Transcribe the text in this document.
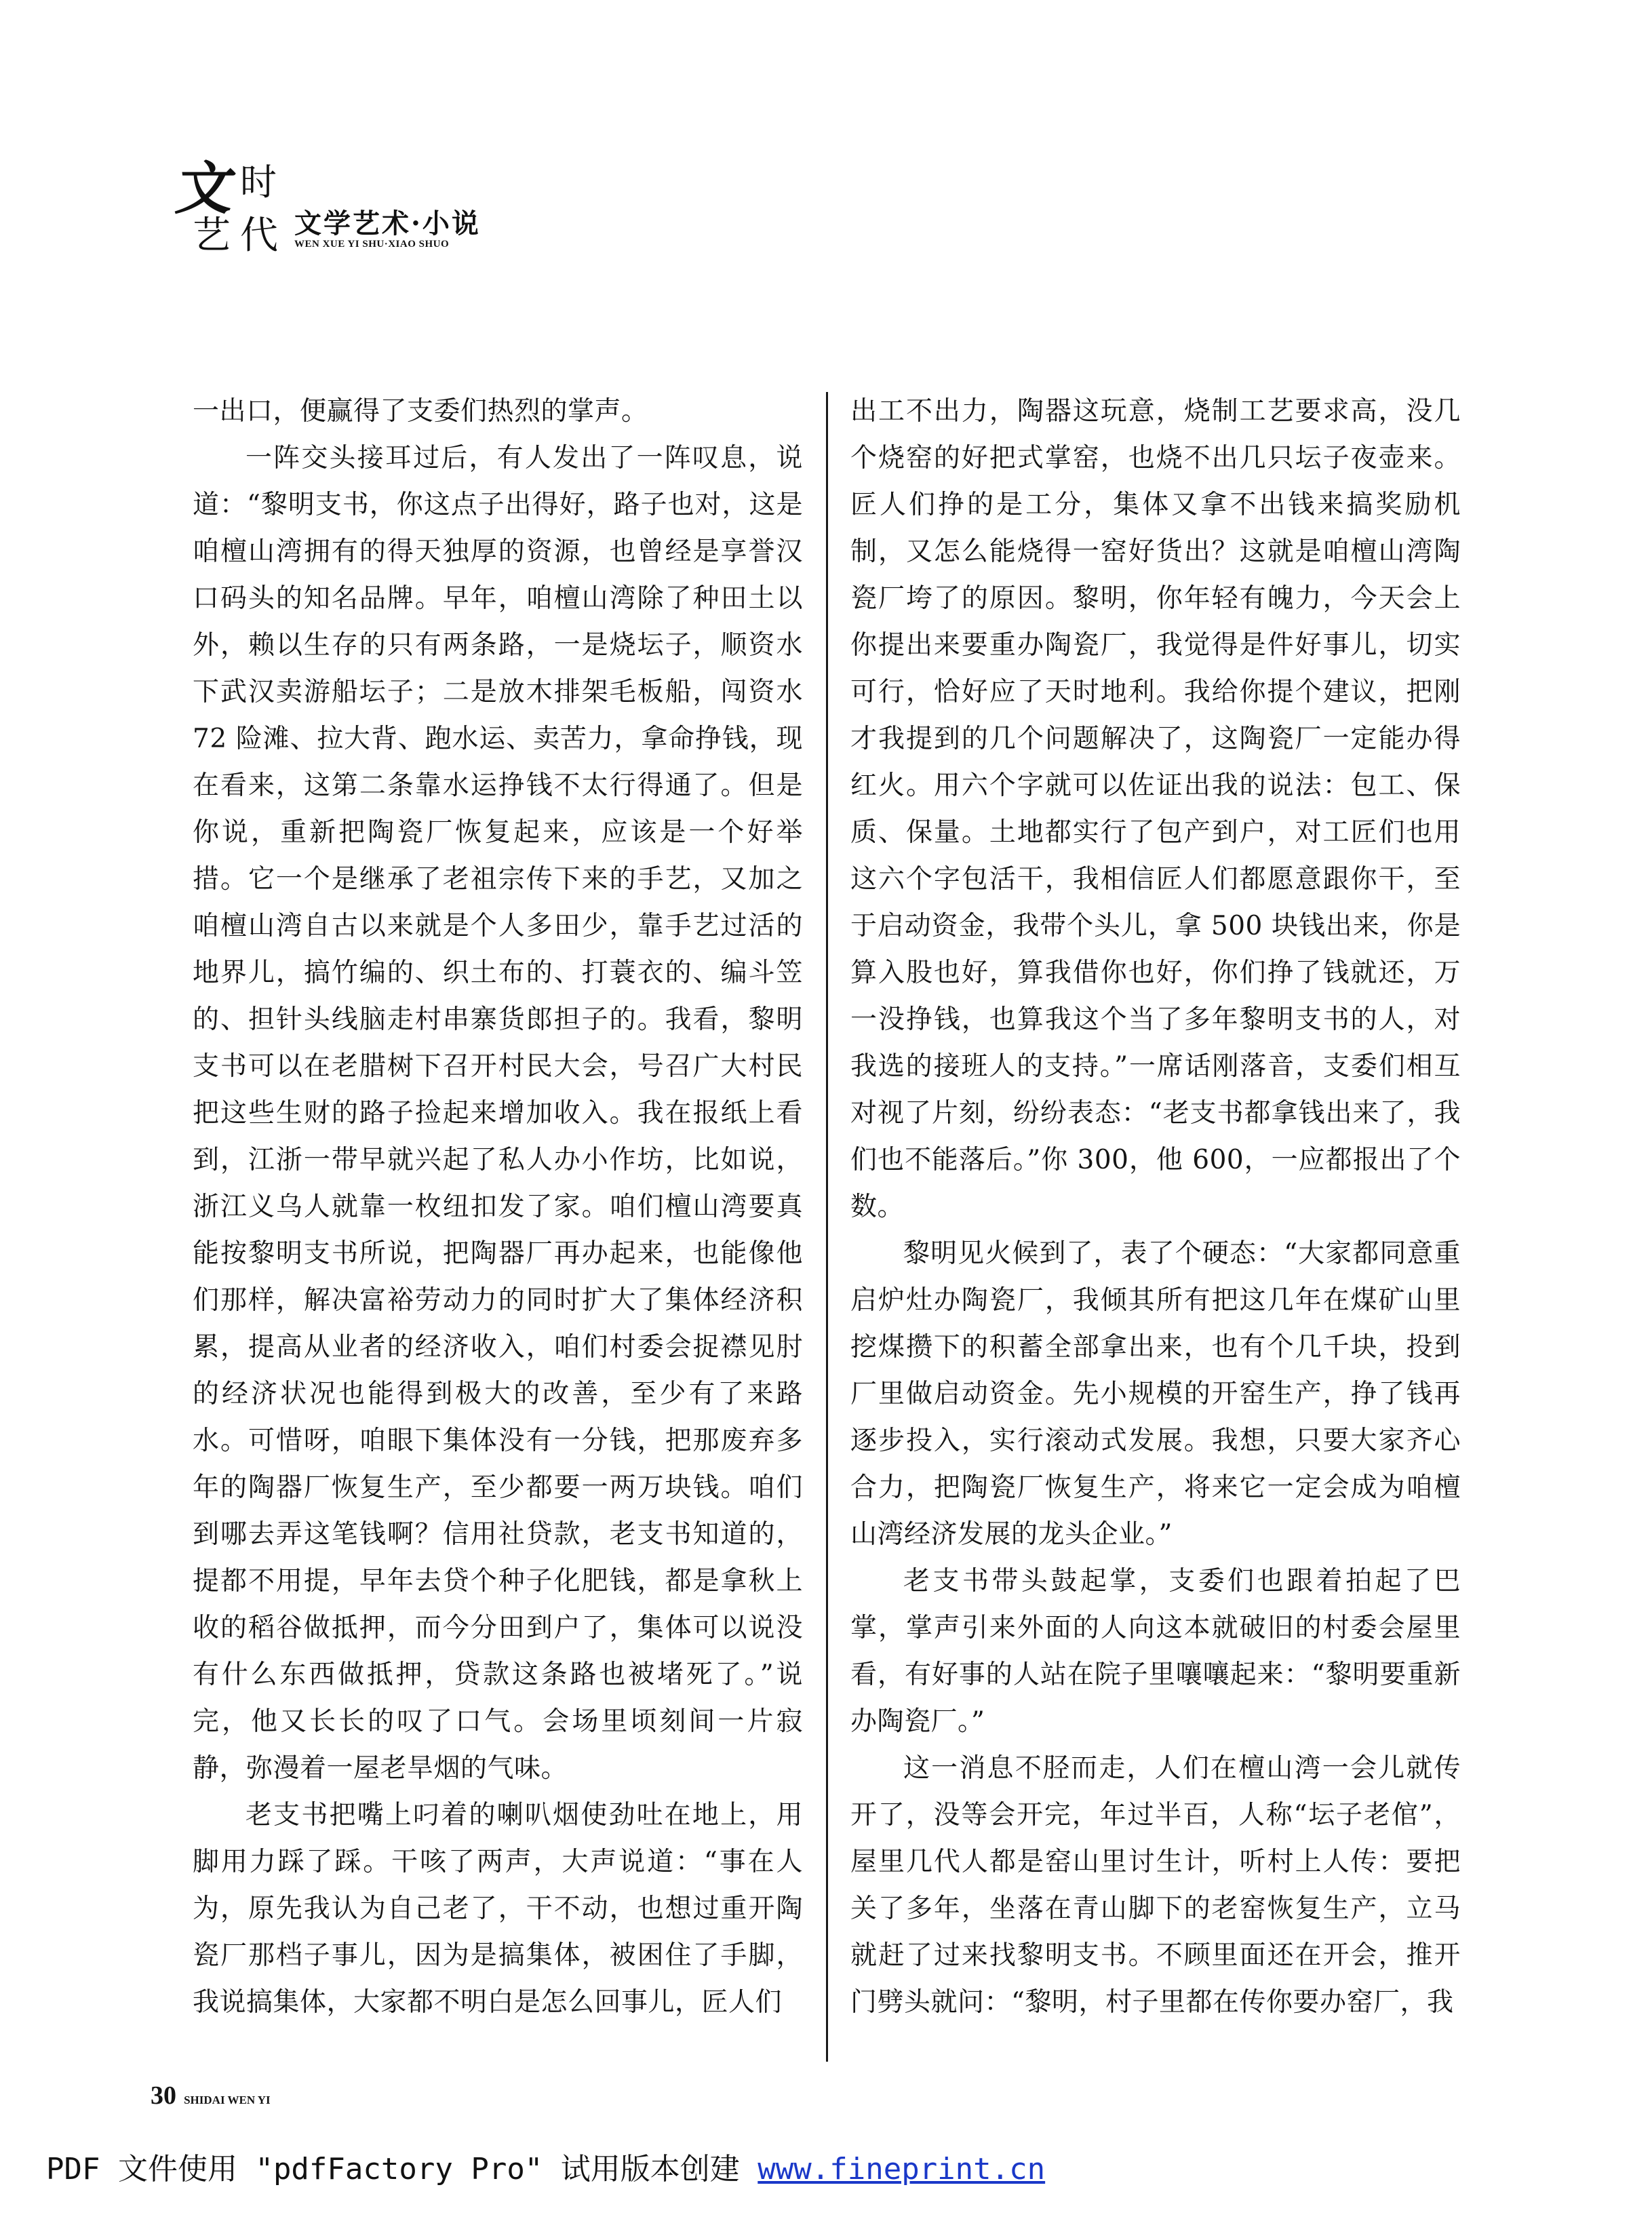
文 时
艺 代 文学艺术·小说
WEN XUE YI SHU·XIAO SHUO

一出口，便赢得了支委们热烈的掌声。

一阵交头接耳过后，有人发出了一阵叹息，说道：“黎明支书，你这点子出得好，路子也对，这是咱檀山湾拥有的得天独厚的资源，也曾经是享誉汉口码头的知名品牌。早年，咱檀山湾除了种田土以外，赖以生存的只有两条路，一是烧坛子，顺资水下武汉卖游船坛子；二是放木排架毛板船，闯资水 72 险滩、拉大背、跑水运、卖苦力，拿命挣钱，现在看来，这第二条靠水运挣钱不太行得通了。但是你说，重新把陶瓷厂恢复起来，应该是一个好举措。它一个是继承了老祖宗传下来的手艺，又加之咱檀山湾自古以来就是个人多田少，靠手艺过活的地界儿，搞竹编的、织土布的、打蓑衣的、编斗笠的、担针头线脑走村串寨货郎担子的。我看，黎明支书可以在老腊树下召开村民大会，号召广大村民把这些生财的路子捡起来增加收入。我在报纸上看到，江浙一带早就兴起了私人办小作坊，比如说，浙江义乌人就靠一枚纽扣发了家。咱们檀山湾要真能按黎明支书所说，把陶器厂再办起来，也能像他们那样，解决富裕劳动力的同时扩大了集体经济积累，提高从业者的经济收入，咱们村委会捉襟见肘的经济状况也能得到极大的改善，至少有了来路水。可惜呀，咱眼下集体没有一分钱，把那废弃多年的陶器厂恢复生产，至少都要一两万块钱。咱们到哪去弄这笔钱啊？信用社贷款，老支书知道的，提都不用提，早年去贷个种子化肥钱，都是拿秋上收的稻谷做抵押，而今分田到户了，集体可以说没有什么东西做抵押，贷款这条路也被堵死了。”说完，他又长长的叹了口气。会场里顷刻间一片寂静，弥漫着一屋老旱烟的气味。

老支书把嘴上叼着的喇叭烟使劲吐在地上，用脚用力踩了踩。干咳了两声，大声说道：“事在人为，原先我认为自己老了，干不动，也想过重开陶瓷厂那档子事儿，因为是搞集体，被困住了手脚，我说搞集体，大家都不明白是怎么回事儿，匠人们

出工不出力，陶器这玩意，烧制工艺要求高，没几个烧窑的好把式掌窑，也烧不出几只坛子夜壶来。匠人们挣的是工分，集体又拿不出钱来搞奖励机制，又怎么能烧得一窑好货出？这就是咱檀山湾陶瓷厂垮了的原因。黎明，你年轻有魄力，今天会上你提出来要重办陶瓷厂，我觉得是件好事儿，切实可行，恰好应了天时地利。我给你提个建议，把刚才我提到的几个问题解决了，这陶瓷厂一定能办得红火。用六个字就可以佐证出我的说法：包工、保质、保量。土地都实行了包产到户，对工匠们也用这六个字包活干，我相信匠人们都愿意跟你干，至于启动资金，我带个头儿，拿 500 块钱出来，你是算入股也好，算我借你也好，你们挣了钱就还，万一没挣钱，也算我这个当了多年黎明支书的人，对我选的接班人的支持。”一席话刚落音，支委们相互对视了片刻，纷纷表态：“老支书都拿钱出来了，我们也不能落后。”你 300，他 600，一应都报出了个数。

黎明见火候到了，表了个硬态：“大家都同意重启炉灶办陶瓷厂，我倾其所有把这几年在煤矿山里挖煤攒下的积蓄全部拿出来，也有个几千块，投到厂里做启动资金。先小规模的开窑生产，挣了钱再逐步投入，实行滚动式发展。我想，只要大家齐心合力，把陶瓷厂恢复生产，将来它一定会成为咱檀山湾经济发展的龙头企业。”

老支书带头鼓起掌，支委们也跟着拍起了巴掌，掌声引来外面的人向这本就破旧的村委会屋里看，有好事的人站在院子里嚷嚷起来：“黎明要重新办陶瓷厂。”

这一消息不胫而走，人们在檀山湾一会儿就传开了，没等会开完，年过半百，人称“坛子老倌”，屋里几代人都是窑山里讨生计，听村上人传：要把关了多年，坐落在青山脚下的老窑恢复生产，立马就赶了过来找黎明支书。不顾里面还在开会，推开门劈头就问：“黎明，村子里都在传你要办窑厂，我

30 SHIDAI WEN YI
PDF 文件使用 "pdfFactory Pro" 试用版本创建 www.fineprint.cn
